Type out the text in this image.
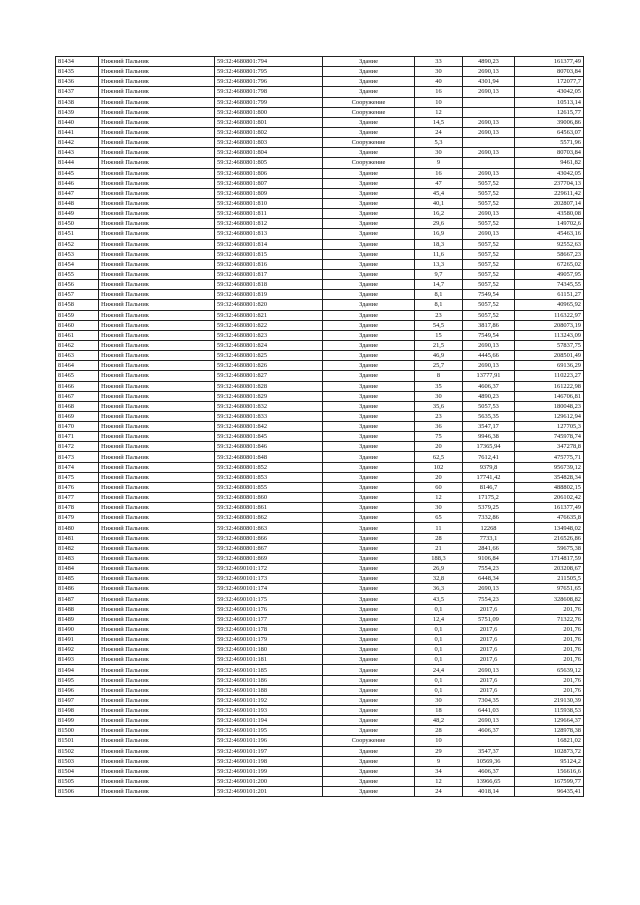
81434	Нижний Пальник	59:32:4680801:794	Здание	33	4890,23	161377,49
81435	Нижний Пальник	59:32:4680801:795	Здание	30	2690,13	80703,84
81436	Нижний Пальник	59:32:4680801:796	Здание	40	4301,94	172077,7
81437	Нижний Пальник	59:32:4680801:798	Здание	16	2690,13	43042,05
81438	Нижний Пальник	59:32:4680801:799	Сооружение	10		10513,14
81439	Нижний Пальник	59:32:4680801:800	Сооружение	12		12615,77
81440	Нижний Пальник	59:32:4680801:801	Здание	14,5	2690,13	39006,86
81441	Нижний Пальник	59:32:4680801:802	Здание	24	2690,13	64563,07
81442	Нижний Пальник	59:32:4680801:803	Сооружение	5,3		5571,96
81443	Нижний Пальник	59:32:4680801:804	Здание	30	2690,13	80703,84
81444	Нижний Пальник	59:32:4680801:805	Сооружение	9		9461,82
81445	Нижний Пальник	59:32:4680801:806	Здание	16	2690,13	43042,05
81446	Нижний Пальник	59:32:4680801:807	Здание	47	5057,52	237704,13
81447	Нижний Пальник	59:32:4680801:809	Здание	45,4	5057,52	229611,42
81448	Нижний Пальник	59:32:4680801:810	Здание	40,1	5057,52	202807,14
81449	Нижний Пальник	59:32:4680801:811	Здание	16,2	2690,13	43580,08
81450	Нижний Пальник	59:32:4680801:812	Здание	29,6	5057,52	149702,6
81451	Нижний Пальник	59:32:4680801:813	Здание	16,9	2690,13	45463,16
81452	Нижний Пальник	59:32:4680801:814	Здание	18,3	5057,52	92552,63
81453	Нижний Пальник	59:32:4680801:815	Здание	11,6	5057,52	58667,23
81454	Нижний Пальник	59:32:4680801:816	Здание	13,3	5057,52	67265,02
81455	Нижний Пальник	59:32:4680801:817	Здание	9,7	5057,52	49057,95
81456	Нижний Пальник	59:32:4680801:818	Здание	14,7	5057,52	74345,55
81457	Нижний Пальник	59:32:4680801:819	Здание	8,1	7549,54	61151,27
81458	Нижний Пальник	59:32:4680801:820	Здание	8,1	5057,52	40965,92
81459	Нижний Пальник	59:32:4680801:821	Здание	23	5057,52	116322,97
81460	Нижний Пальник	59:32:4680801:822	Здание	54,5	3817,86	208073,19
81461	Нижний Пальник	59:32:4680801:823	Здание	15	7549,54	113243,09
81462	Нижний Пальник	59:32:4680801:824	Здание	21,5	2690,13	57837,75
81463	Нижний Пальник	59:32:4680801:825	Здание	46,9	4445,66	208501,49
81464	Нижний Пальник	59:32:4680801:826	Здание	25,7	2690,13	69136,29
81465	Нижний Пальник	59:32:4680801:827	Здание	8	13777,91	110223,27
81466	Нижний Пальник	59:32:4680801:828	Здание	35	4606,37	161222,98
81467	Нижний Пальник	59:32:4680801:829	Здание	30	4890,23	146706,81
81468	Нижний Пальник	59:32:4680801:832	Здание	35,6	5057,53	180048,23
81469	Нижний Пальник	59:32:4680801:833	Здание	23	5635,35	129612,94
81470	Нижний Пальник	59:32:4680801:842	Здание	36	3547,17	127705,3
81471	Нижний Пальник	59:32:4680801:845	Здание	75	9946,38	745978,74
81472	Нижний Пальник	59:32:4680801:846	Здание	20	17365,94	347278,8
81473	Нижний Пальник	59:32:4680801:848	Здание	62,5	7612,41	475775,71
81474	Нижний Пальник	59:32:4680801:852	Здание	102	9379,8	956739,12
81475	Нижний Пальник	59:32:4680801:853	Здание	20	17741,42	354828,34
81476	Нижний Пальник	59:32:4680801:855	Здание	60	8146,7	488802,15
81477	Нижний Пальник	59:32:4680801:860	Здание	12	17175,2	206102,42
81478	Нижний Пальник	59:32:4680801:861	Здание	30	5379,25	161377,49
81479	Нижний Пальник	59:32:4680801:862	Здание	65	7332,86	476635,8
81480	Нижний Пальник	59:32:4680801:863	Здание	11	12268	134948,02
81481	Нижний Пальник	59:32:4680801:866	Здание	28	7733,1	216526,86
81482	Нижний Пальник	59:32:4680801:867	Здание	21	2841,66	59675,38
81483	Нижний Пальник	59:32:4680801:869	Здание	188,3	9106,84	1714817,59
81484	Нижний Пальник	59:32:4690101:172	Здание	26,9	7554,23	203208,67
81485	Нижний Пальник	59:32:4690101:173	Здание	32,8	6448,34	211505,5
81486	Нижний Пальник	59:32:4690101:174	Здание	36,3	2690,13	97651,65
81487	Нижний Пальник	59:32:4690101:175	Здание	43,5	7554,23	328608,82
81488	Нижний Пальник	59:32:4690101:176	Здание	0,1	2017,6	201,76
81489	Нижний Пальник	59:32:4690101:177	Здание	12,4	5751,09	71322,76
81490	Нижний Пальник	59:32:4690101:178	Здание	0,1	2017,6	201,76
81491	Нижний Пальник	59:32:4690101:179	Здание	0,1	2017,6	201,76
81492	Нижний Пальник	59:32:4690101:180	Здание	0,1	2017,6	201,76
81493	Нижний Пальник	59:32:4690101:181	Здание	0,1	2017,6	201,76
81494	Нижний Пальник	59:32:4690101:185	Здание	24,4	2690,13	65639,12
81495	Нижний Пальник	59:32:4690101:186	Здание	0,1	2017,6	201,76
81496	Нижний Пальник	59:32:4690101:188	Здание	0,1	2017,6	201,76
81497	Нижний Пальник	59:32:4690101:192	Здание	30	7304,35	219130,39
81498	Нижний Пальник	59:32:4690101:193	Здание	18	6441,03	115938,53
81499	Нижний Пальник	59:32:4690101:194	Здание	48,2	2690,13	129664,37
81500	Нижний Пальник	59:32:4690101:195	Здание	28	4606,37	128978,38
81501	Нижний Пальник	59:32:4690101:196	Сооружение	10		16821,02
81502	Нижний Пальник	59:32:4690101:197	Здание	29	3547,37	102873,72
81503	Нижний Пальник	59:32:4690101:198	Здание	9	10569,36	95124,2
81504	Нижний Пальник	59:32:4690101:199	Здание	34	4606,37	156616,6
81505	Нижний Пальник	59:32:4690101:200	Здание	12	13966,65	167599,77
81506	Нижний Пальник	59:32:4690101:201	Здание	24	4018,14	96435,41
